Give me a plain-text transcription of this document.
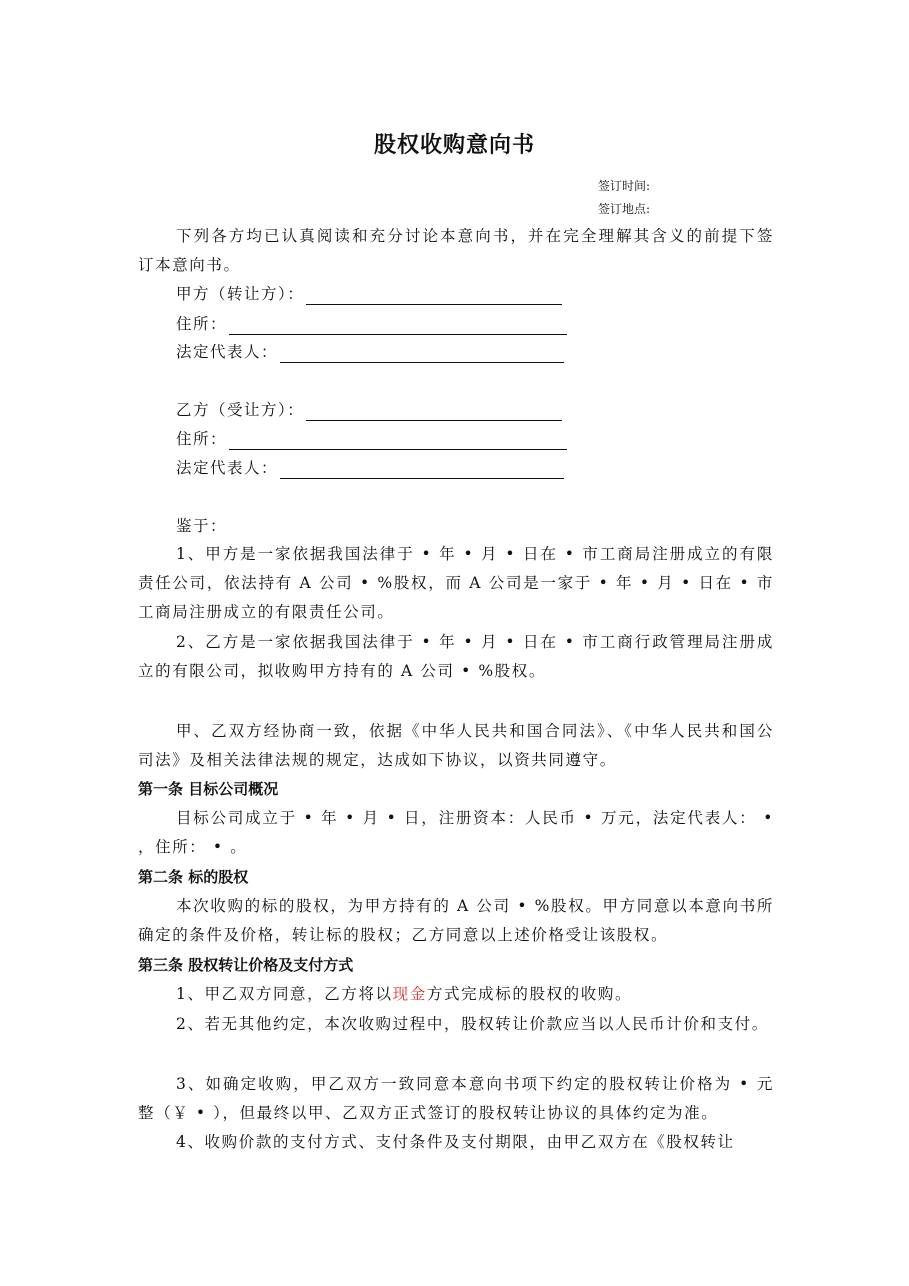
股权收购意向书
签订时间:
签订地点:
下列各方均已认真阅读和充分讨论本意向书，并在完全理解其含义的前提下签订本意向书。
甲方（转让方）：
住所：
法定代表人：
乙方（受让方）：
住所：
法定代表人：
鉴于：
1、甲方是一家依据我国法律于 • 年 • 月 • 日在 • 市工商局注册成立的有限责任公司，依法持有 A 公司 • %股权，而 A 公司是一家于 • 年 • 月 • 日在 • 市工商局注册成立的有限责任公司。
2、乙方是一家依据我国法律于 • 年 • 月 • 日在 • 市工商行政管理局注册成立的有限公司，拟收购甲方持有的 A 公司 • %股权。
甲、乙双方经协商一致，依据《中华人民共和国合同法》、《中华人民共和国公司法》及相关法律法规的规定，达成如下协议，以资共同遵守。
第一条 目标公司概况
目标公司成立于 • 年 • 月 • 日，注册资本：人民币 • 万元，法定代表人： • ，住所： • 。
第二条 标的股权
本次收购的标的股权，为甲方持有的 A 公司 • %股权。甲方同意以本意向书所确定的条件及价格，转让标的股权；乙方同意以上述价格受让该股权。
第三条 股权转让价格及支付方式
1、甲乙双方同意，乙方将以现金方式完成标的股权的收购。
2、若无其他约定，本次收购过程中，股权转让价款应当以人民币计价和支付。
3、如确定收购，甲乙双方一致同意本意向书项下约定的股权转让价格为 • 元整（￥ • ），但最终以甲、乙双方正式签订的股权转让协议的具体约定为准。
4、收购价款的支付方式、支付条件及支付期限，由甲乙双方在《股权转让
